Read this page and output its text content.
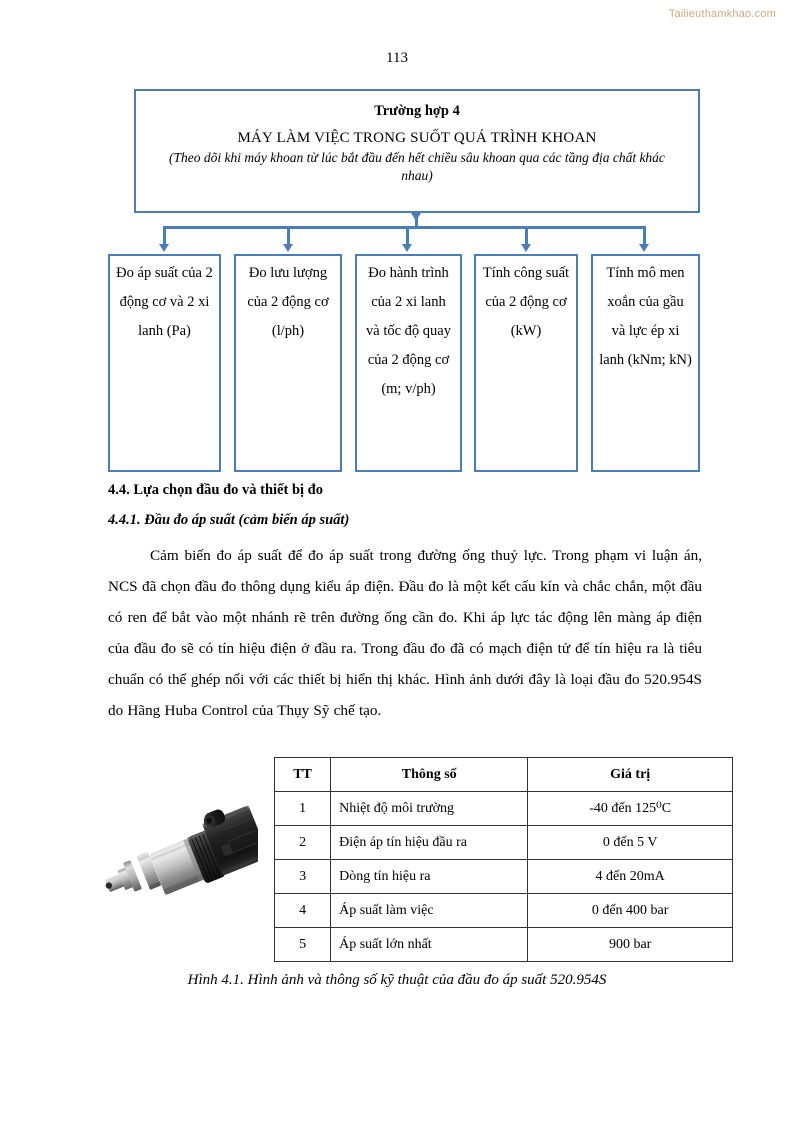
Tailieuthamkhao.com
113
Trường hợp 4
MÁY LÀM VIỆC TRONG SUỐT QUÁ TRÌNH KHOAN
(Theo dõi khi máy khoan từ lúc bắt đầu đến hết chiều sâu khoan qua các tầng địa chất khác nhau)
Đo áp suất của 2 động cơ và 2 xi lanh (Pa)
Đo lưu lượng của 2 động cơ (l/ph)
Đo hành trình của 2 xi lanh và tốc độ quay của 2 động cơ (m; v/ph)
Tính công suất của 2 động cơ (kW)
Tính mô men xoắn của gầu và lực ép xi lanh (kNm; kN)
4.4. Lựa chọn đầu đo và thiết bị đo
4.4.1. Đầu đo áp suất (cảm biến áp suất)
Cảm biến đo áp suất để đo áp suất trong đường ống thuỷ lực. Trong phạm vi luận án, NCS đã chọn đầu đo thông dụng kiểu áp điện. Đầu đo là một kết cấu kín và chắc chắn, một đầu có ren để bắt vào một nhánh rẽ trên đường ống cần đo. Khi áp lực tác động lên màng áp điện của đầu đo sẽ có tín hiệu điện ở đầu ra. Trong đầu đo đã có mạch điện tử để tín hiệu ra là tiêu chuẩn có thể ghép nối với các thiết bị hiển thị khác. Hình ảnh dưới đây là loại đầu đo 520.954S do Hãng Huba Control của Thụy Sỹ chế tạo.
TT	Thông số	Giá trị
1	Nhiệt độ môi trường	-40 đến 125⁰C
2	Điện áp tín hiệu đầu ra	0 đến 5 V
3	Dòng tín hiệu ra	4 đến 20mA
4	Áp suất làm việc	0 đến 400 bar
5	Áp suất lớn nhất	900 bar
Hình 4.1. Hình ảnh và thông số kỹ thuật của đầu đo áp suất 520.954S
